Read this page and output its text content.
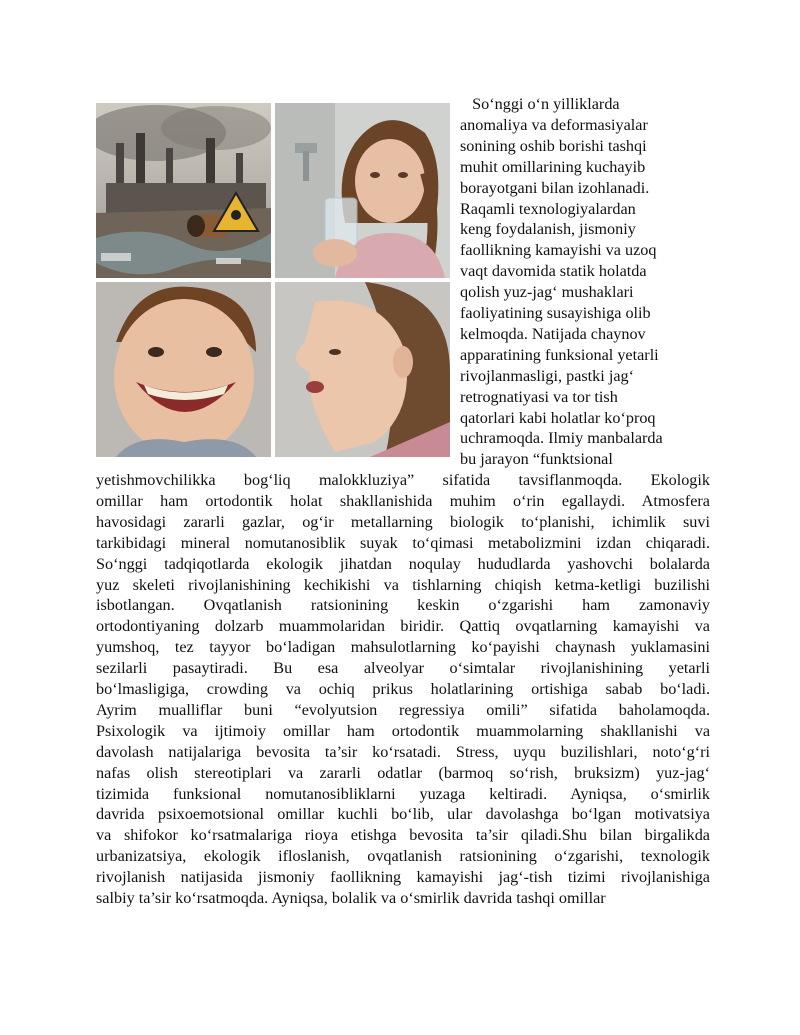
So‘nggi o‘n yilliklarda

anomaliya va deformasiyalar

sonining oshib borishi tashqi

muhit omillarining kuchayib

borayotgani bilan izohlanadi.

Raqamli texnologiyalardan

keng foydalanish, jismoniy

faollikning kamayishi va uzoq

vaqt davomida statik holatda

qolish yuz-jag‘ mushaklari

faoliyatining susayishiga olib

kelmoqda. Natijada chaynov

apparatining funksional yetarli

rivojlanmasligi, pastki jag‘

retrognatiyasi va tor tish

qatorlari kabi holatlar ko‘proq

uchramoqda. Ilmiy manbalarda

bu jarayon “funktsional

yetishmovchilikka bog‘liq malokkluziya” sifatida tavsiflanmoqda. Ekologik

omillar ham ortodontik holat shakllanishida muhim o‘rin egallaydi. Atmosfera

havosidagi zararli gazlar, og‘ir metallarning biologik to‘planishi, ichimlik suvi

tarkibidagi mineral nomutanosiblik suyak to‘qimasi metabolizmini izdan chiqaradi.

So‘nggi tadqiqotlarda ekologik jihatdan noqulay hududlarda yashovchi bolalarda

yuz skeleti rivojlanishining kechikishi va tishlarning chiqish ketma-ketligi buzilishi

isbotlangan. Ovqatlanish ratsionining keskin o‘zgarishi ham zamonaviy

ortodontiyaning dolzarb muammolaridan biridir. Qattiq ovqatlarning kamayishi va

yumshoq, tez tayyor bo‘ladigan mahsulotlarning ko‘payishi chaynash yuklamasini

sezilarli pasaytiradi. Bu esa alveolyar o‘simtalar rivojlanishining yetarli

bo‘lmasligiga, crowding va ochiq prikus holatlarining ortishiga sabab bo‘ladi.

Ayrim mualliflar buni “evolyutsion regressiya omili” sifatida baholamoqda.

Psixologik va ijtimoiy omillar ham ortodontik muammolarning shakllanishi va

davolash natijalariga bevosita ta’sir ko‘rsatadi. Stress, uyqu buzilishlari, noto‘g‘ri

nafas olish stereotiplari va zararli odatlar (barmoq so‘rish, bruksizm) yuz-jag‘

tizimida funksional nomutanosibliklarni yuzaga keltiradi. Ayniqsa, o‘smirlik

davrida psixoemotsional omillar kuchli bo‘lib, ular davolashga bo‘lgan motivatsiya

va shifokor ko‘rsatmalariga rioya etishga bevosita ta’sir qiladi.Shu bilan birgalikda

urbanizatsiya, ekologik ifloslanish, ovqatlanish ratsionining o‘zgarishi, texnologik

rivojlanish natijasida jismoniy faollikning kamayishi jag‘-tish tizimi rivojlanishiga

salbiy ta’sir ko‘rsatmoqda. Ayniqsa, bolalik va o‘smirlik davrida tashqi omillar
